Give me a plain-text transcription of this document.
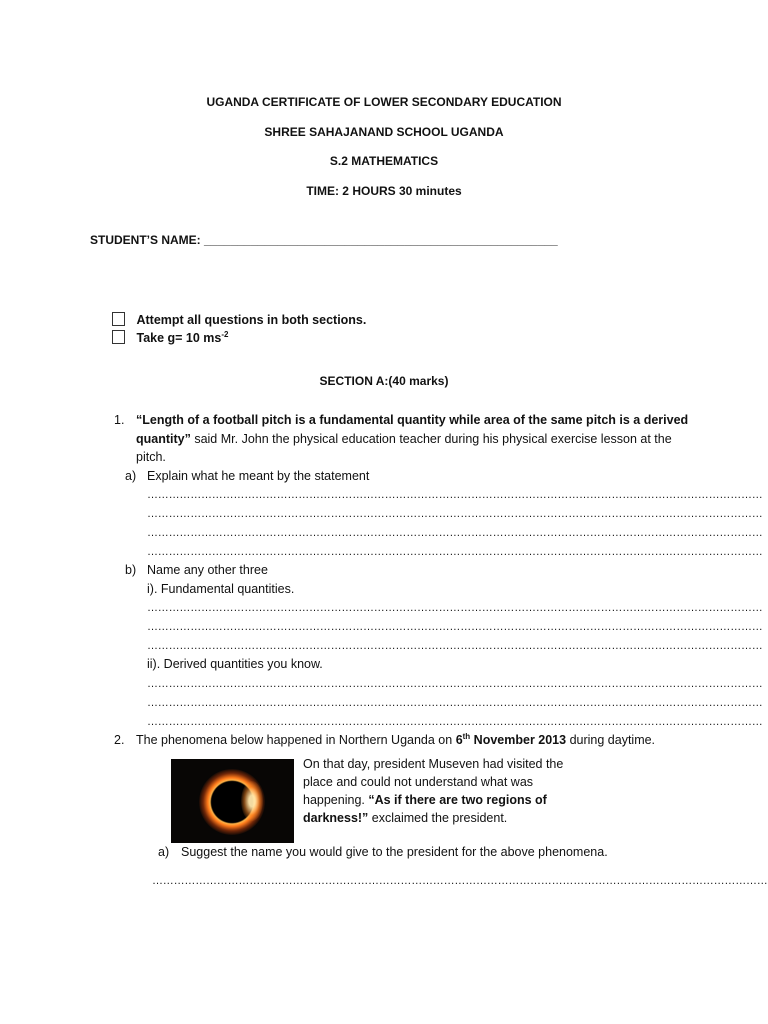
UGANDA CERTIFICATE OF LOWER SECONDARY EDUCATION
SHREE SAHAJANAND SCHOOL UGANDA
S.2 MATHEMATICS
TIME: 2 HOURS 30 minutes
STUDENT’S NAME: _____________________________________________________
Attempt all questions in both sections.
Take g= 10 $ms^{-2}$
SECTION A:(40 marks)
1. “Length of a football pitch is a fundamental quantity while area of the same pitch is a derived
quantity” said Mr. John the physical education teacher during his physical exercise lesson at the
pitch.
a) Explain what he meant by the statement
………………………………………………………………………………………………………………………………………………………
………………………………………………………………………………………………………………………………………………………
………………………………………………………………………………………………………………………………………………………
………………………………………………………………………………………………………………………………………………………
b) Name any other three
i). Fundamental quantities.
………………………………………………………………………………………………………………………………………………………
………………………………………………………………………………………………………………………………………………………
………………………………………………………………………………………………………………………………………………………
ii). Derived quantities you know.
………………………………………………………………………………………………………………………………………………………
………………………………………………………………………………………………………………………………………………………
………………………………………………………………………………………………………………………………………………………
2. The phenomena below happened in Northern Uganda on 6th November 2013 during daytime.
On that day, president Museven had visited the
place and could not understand what was
happening. “As if there are two regions of
darkness!” exclaimed the president.
a) Suggest the name you would give to the president for the above phenomena.
………………………………………………………………………………………………………………………………………………………
